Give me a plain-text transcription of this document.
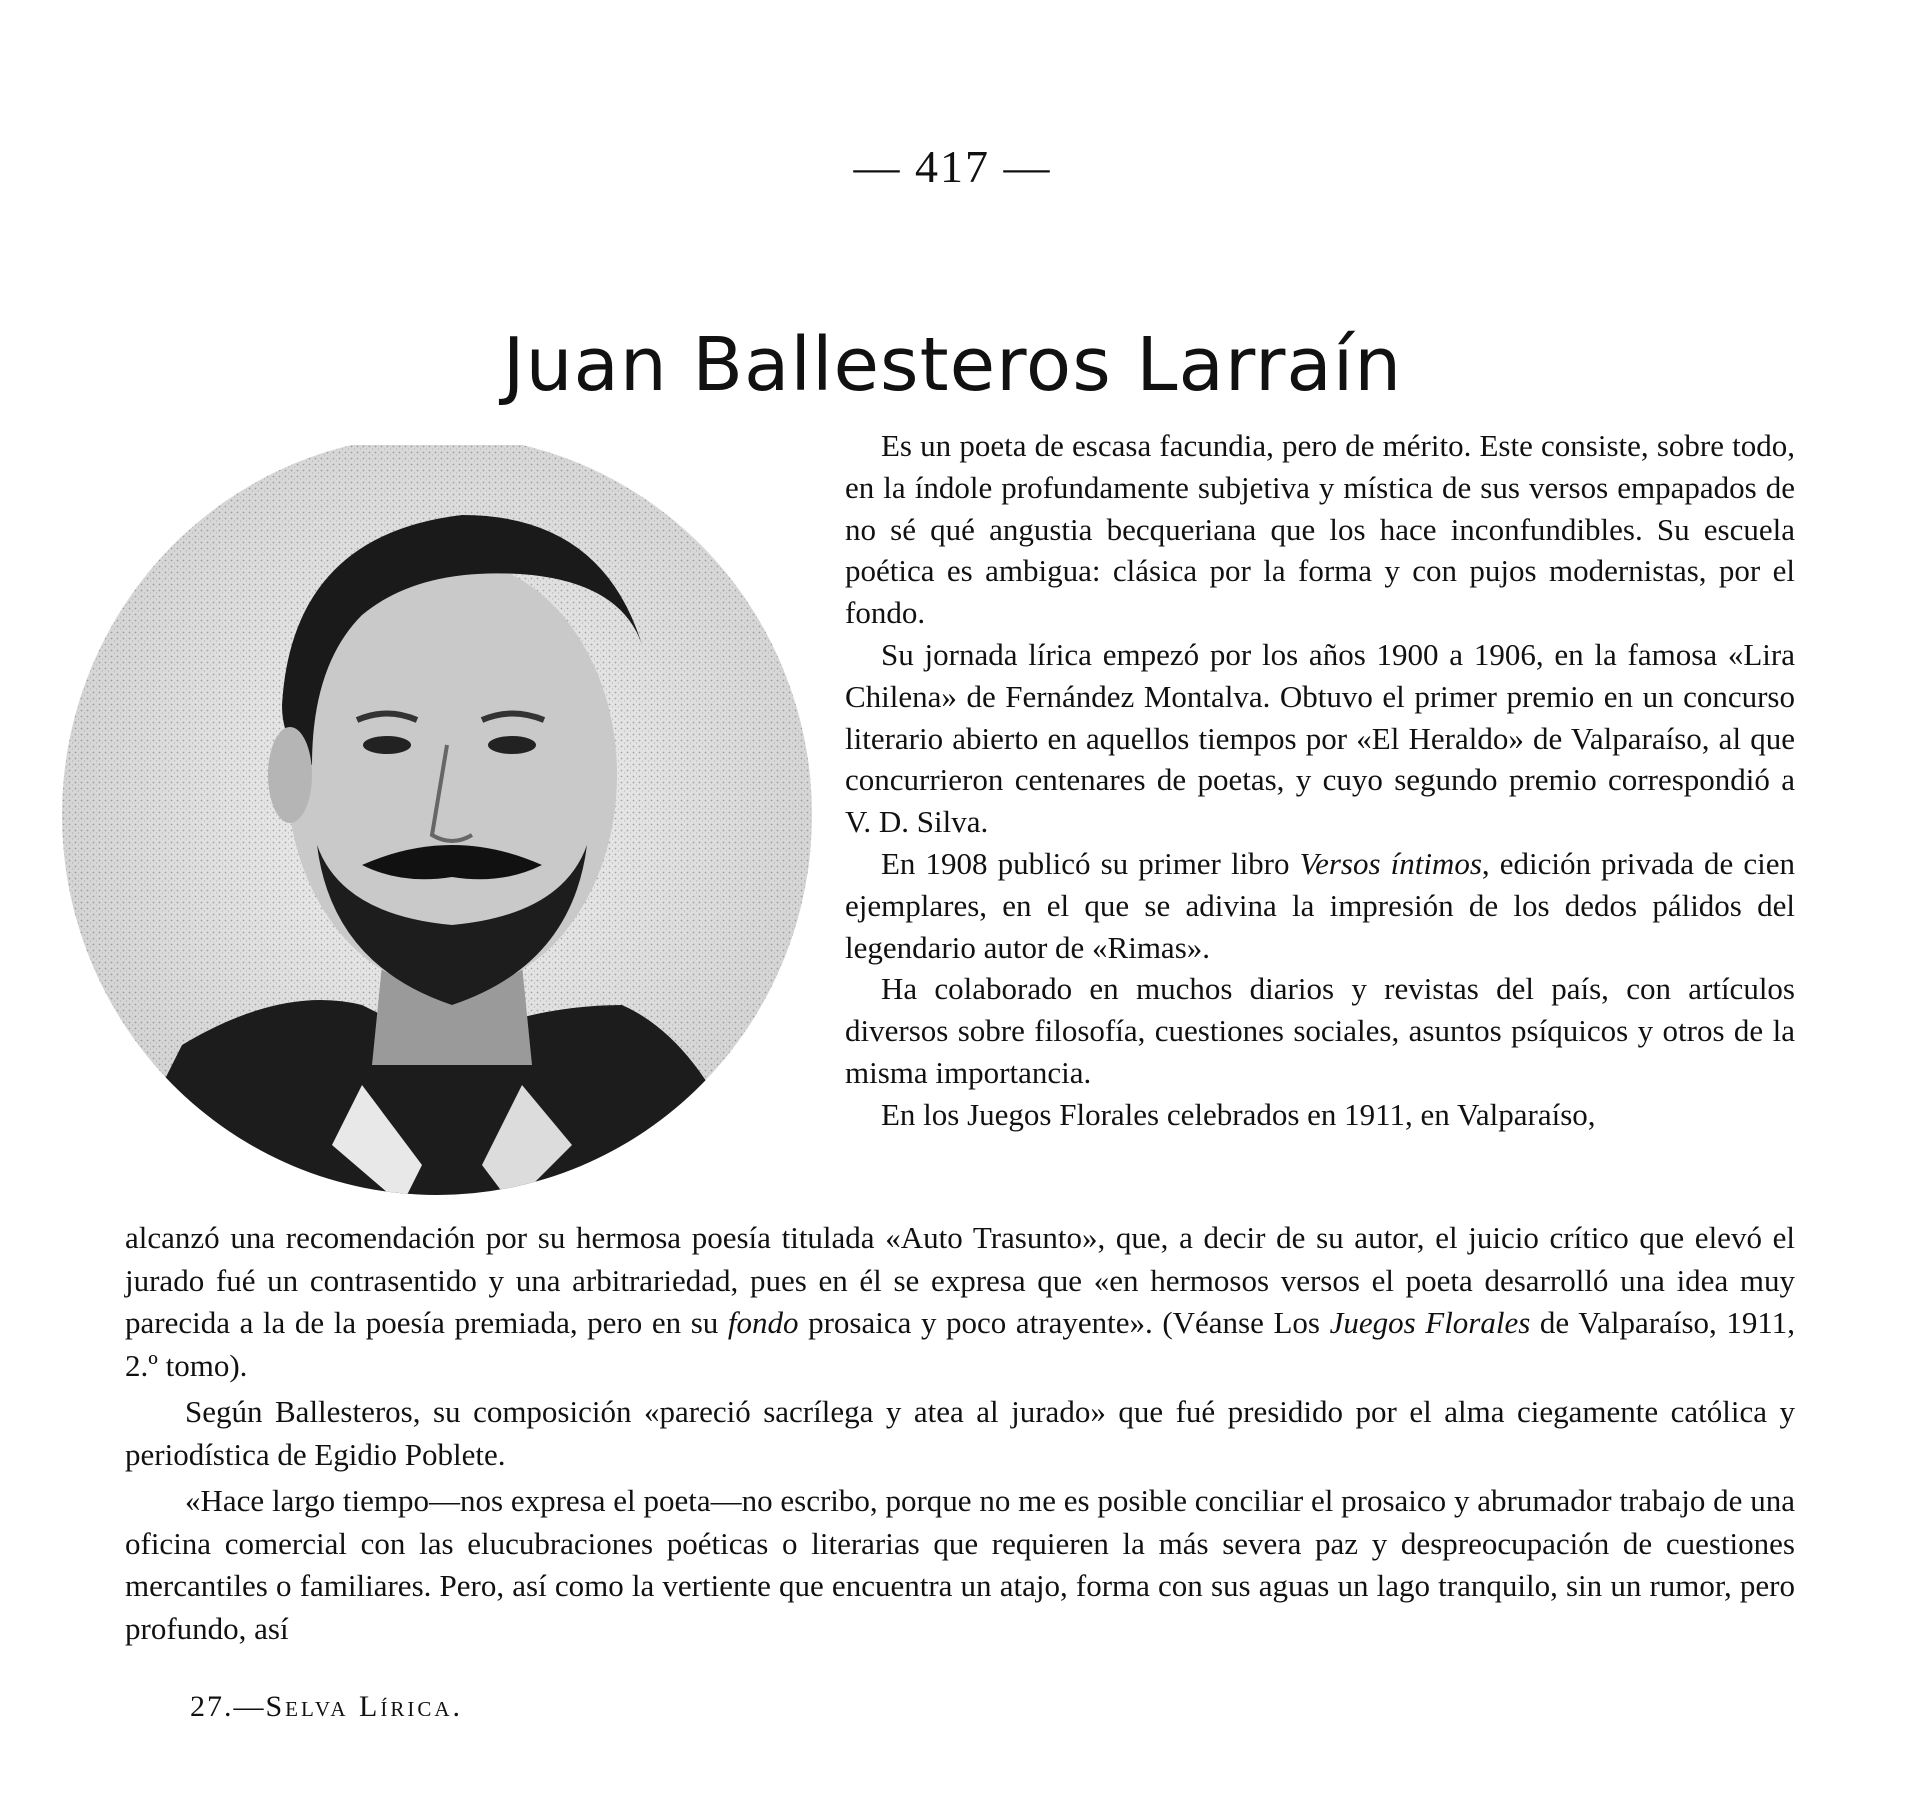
— 417 —
Juan Ballesteros Larraín

Es un poeta de escasa facundia, pero de mérito. Este consiste, sobre todo, en la índole profundamente subjetiva y mística de sus versos empapados de no sé qué angustia becqueriana que los hace inconfundibles. Su escuela poética es ambigua: clásica por la forma y con pujos modernistas, por el fondo.

Su jornada lírica empezó por los años 1900 a 1906, en la famosa «Lira Chilena» de Fernández Montalva. Obtuvo el primer premio en un concurso literario abierto en aquellos tiempos por «El Heraldo» de Valparaíso, al que concurrieron centenares de poetas, y cuyo segundo premio correspondió a V. D. Silva.

En 1908 publicó su primer libro Versos íntimos, edición privada de cien ejemplares, en el que se adivina la impresión de los dedos pálidos del legendario autor de «Rimas».

Ha colaborado en muchos diarios y revistas del país, con artículos diversos sobre filosofía, cuestiones sociales, asuntos psíquicos y otros de la misma importancia.

En los Juegos Florales celebrados en 1911, en Valparaíso,

alcanzó una recomendación por su hermosa poesía titulada «Auto Trasunto», que, a decir de su autor, el juicio crítico que elevó el jurado fué un contrasentido y una arbitrariedad, pues en él se expresa que «en hermosos versos el poeta desarrolló una idea muy parecida a la de la poesía premiada, pero en su fondo prosaica y poco atrayente». (Véanse Los Juegos Florales de Valparaíso, 1911, 2.º tomo).

Según Ballesteros, su composición «pareció sacrílega y atea al jurado» que fué presidido por el alma ciegamente católica y periodística de Egidio Poblete.

«Hace largo tiempo—nos expresa el poeta—no escribo, porque no me es posible conciliar el prosaico y abrumador trabajo de una oficina comercial con las elucubraciones poéticas o literarias que requieren la más severa paz y despreocupación de cuestiones mercantiles o familiares. Pero, así como la vertiente que encuentra un atajo, forma con sus aguas un lago tranquilo, sin un rumor, pero profundo, así

27.—Selva Lírica.
